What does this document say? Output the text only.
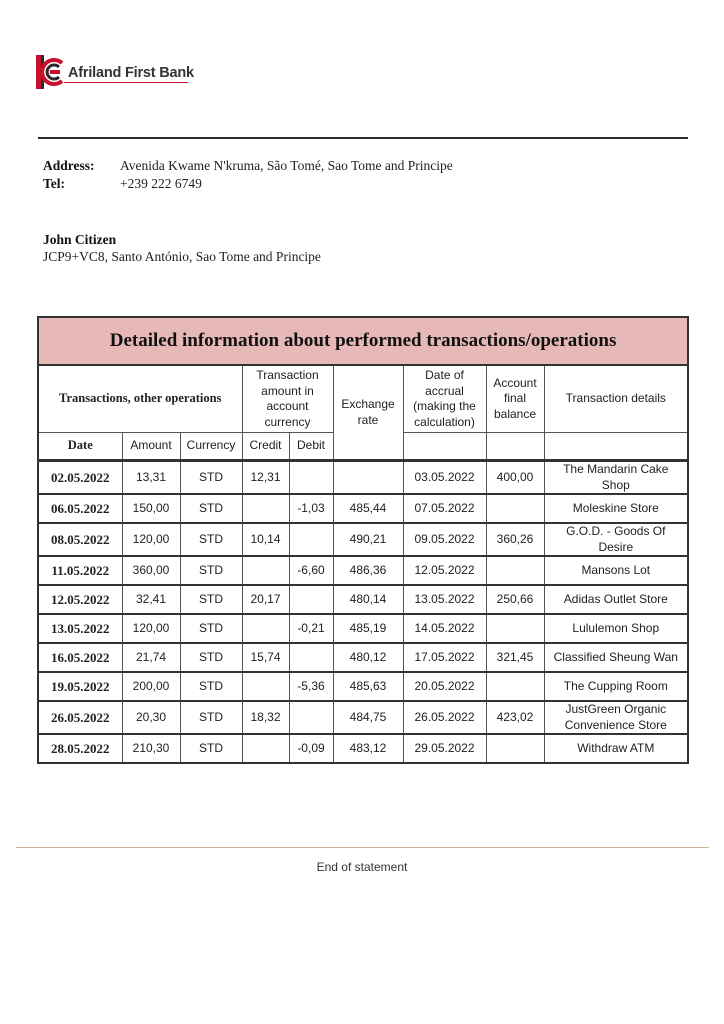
Afriland First Bank
Address:	Avenida Kwame N'kruma, São Tomé, Sao Tome and Principe
Tel:	+239 222 6749
John Citizen
JCP9+VC8, Santo António, Sao Tome and Principe
Detailed information about performed transactions/operations								
Transactions, other operations			Transaction amount in account currency		Exchange rate	Date of accrual (making the calculation)	Account final balance	Transaction details
Date	Amount	Currency	Credit	Debit				
02.05.2022	13,31	STD	12,31			03.05.2022	400,00	The Mandarin Cake Shop
06.05.2022	150,00	STD		-1,03	485,44	07.05.2022		Moleskine Store
08.05.2022	120,00	STD	10,14		490,21	09.05.2022	360,26	G.O.D. - Goods Of Desire
11.05.2022	360,00	STD		-6,60	486,36	12.05.2022		Mansons Lot
12.05.2022	32,41	STD	20,17		480,14	13.05.2022	250,66	Adidas Outlet Store
13.05.2022	120,00	STD		-0,21	485,19	14.05.2022		Lululemon Shop
16.05.2022	21,74	STD	15,74		480,12	17.05.2022	321,45	Classified Sheung Wan
19.05.2022	200,00	STD		-5,36	485,63	20.05.2022		The Cupping Room
26.05.2022	20,30	STD	18,32		484,75	26.05.2022	423,02	JustGreen Organic Convenience Store
28.05.2022	210,30	STD		-0,09	483,12	29.05.2022		Withdraw ATM
End of statement
